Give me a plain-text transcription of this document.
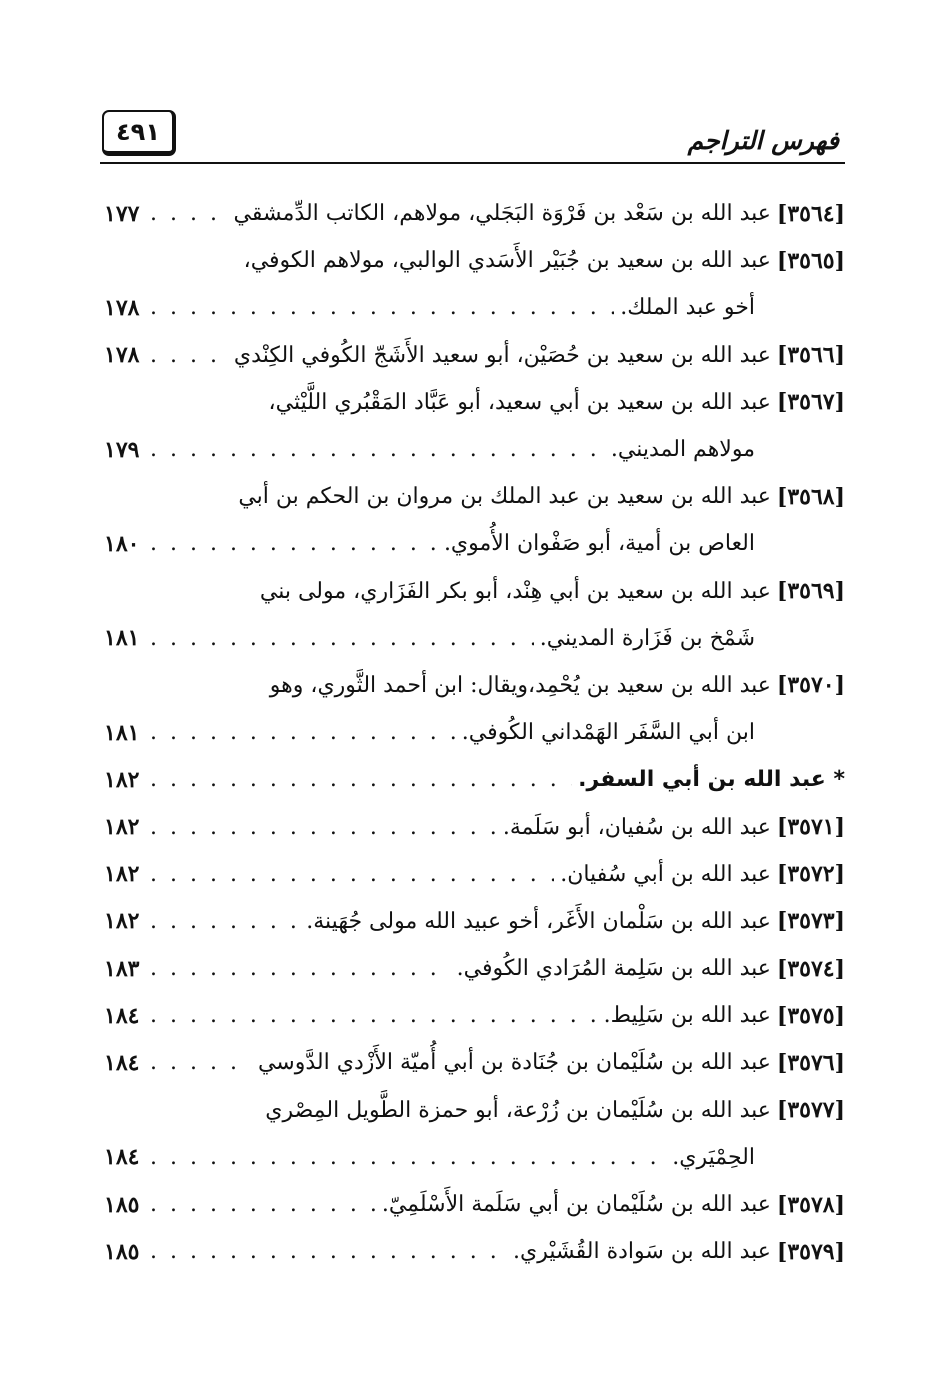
فهرس التراجم
٤٩١
[٣٥٦٤]
عبد الله بن سَعْد بن فَرْوَة البَجَلي، مولاهم، الكاتب الدِّمشقي
. . .
١٧٧
[٣٥٦٥]
عبد الله بن سعيد بن جُبَيْر الأَسَدي الوالبي، مولاهم الكوفي،
أخو عبد الملك.
. . .
١٧٨
[٣٥٦٦]
عبد الله بن سعيد بن حُصَيْن، أبو سعيد الأَشَجّ الكُوفي الكِنْدي
. . .
١٧٨
[٣٥٦٧]
عبد الله بن سعيد بن أبي سعيد، أبو عَبَّاد المَقْبُري اللَّيْثي،
مولاهم المديني.
. . .
١٧٩
[٣٥٦٨]
عبد الله بن سعيد بن عبد الملك بن مروان بن الحكم بن أبي
العاص بن أمية، أبو صَفْوان الأُموي.
. . .
١٨٠
[٣٥٦٩]
عبد الله بن سعيد بن أبي هِنْد، أبو بكر الفَزَاري، مولى بني
شَمْخ بن فَزَارة المديني.
. . .
١٨١
[٣٥٧٠]
عبد الله بن سعيد بن يُحْمِد،ويقال: ابن أحمد الثَّوري، وهو
ابن أبي السَّفَر الهَمْداني الكُوفي.
. . .
١٨١
* عبد الله بن أبي السفر.
. . .
١٨٢
[٣٥٧١]
عبد الله بن سُفيان، أبو سَلَمة.
. . .
١٨٢
[٣٥٧٢]
عبد الله بن أبي سُفيان.
. . .
١٨٢
[٣٥٧٣]
عبد الله بن سَلْمان الأَغَر، أخو عبيد الله مولى جُهَينة.
. . .
١٨٢
[٣٥٧٤]
عبد الله بن سَلِمة المُرَادي الكُوفي.
. . .
١٨٣
[٣٥٧٥]
عبد الله بن سَلِيط.
. . .
١٨٤
[٣٥٧٦]
عبد الله بن سُلَيْمان بن جُنَادة بن أبي أُميّة الأَزْدي الدَّوسي
. . .
١٨٤
[٣٥٧٧]
عبد الله بن سُلَيْمان بن زُرْعة، أبو حمزة الطَّويل المِصْري
الحِمْيَري.
. . .
١٨٤
[٣٥٧٨]
عبد الله بن سُلَيْمان بن أبي سَلَمة الأَسْلَمِيّ.
. . .
١٨٥
[٣٥٧٩]
عبد الله بن سَوادة القُشَيْري.
. . .
١٨٥
